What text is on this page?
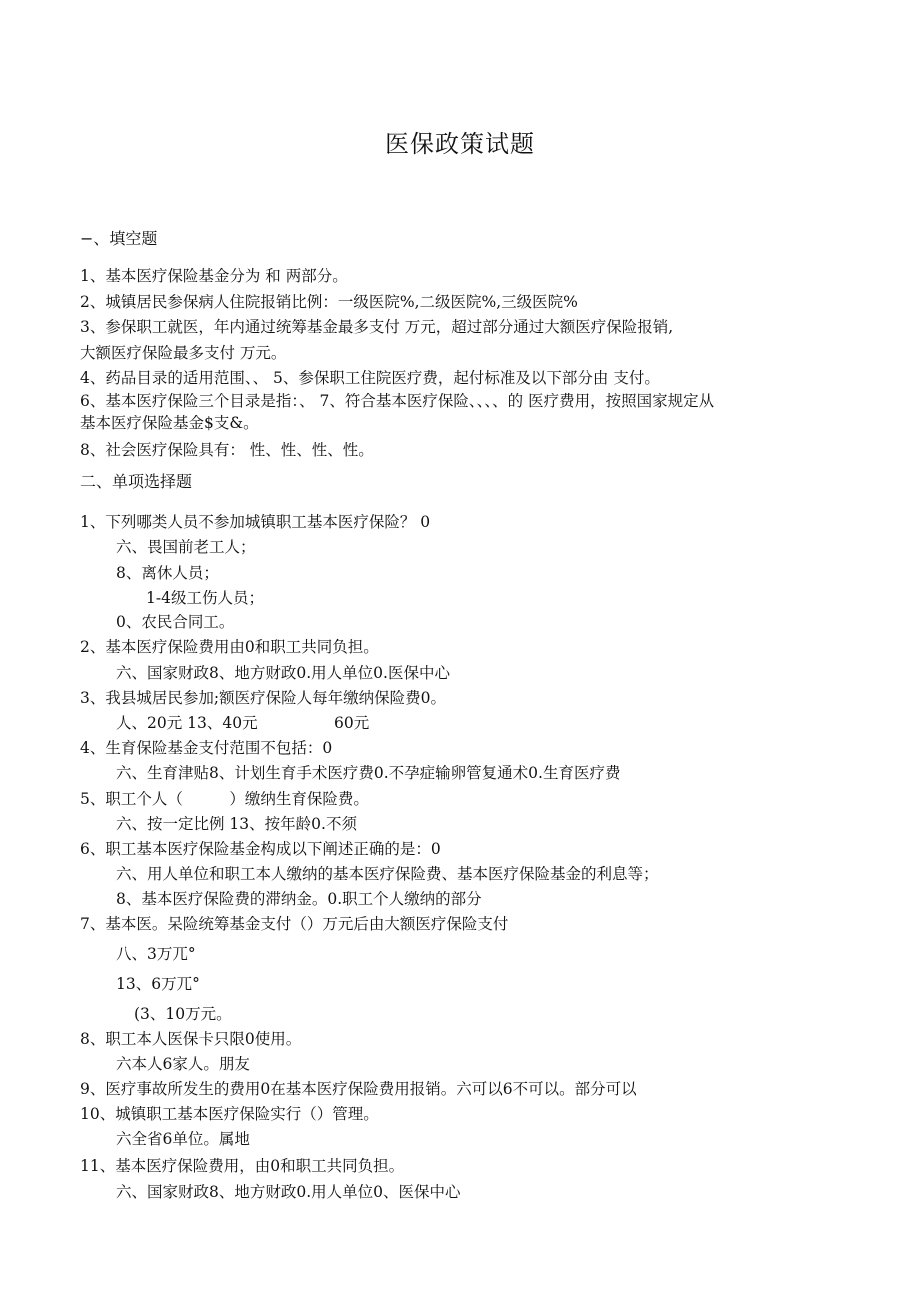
医保政策试题
−、填空题
1、基本医疗保险基金分为 和 两部分。
2、城镇居民参保病人住院报销比例：一级医院%,二级医院%,三级医院%
3、参保职工就医，年内通过统筹基金最多支付 万元，超过部分通过大额医疗保险报销,
大额医疗保险最多支付 万元。
4、药品目录的适用范围、、 5、参保职工住院医疗费，起付标准及以下部分由 支付。
6、基本医疗保险三个目录是指：、 7、符合基本医疗保险、、、、的 医疗费用，按照国家规定从
基本医疗保险基金$支&。
8、社会医疗保险具有： 性、性、性、性。
二、单项选择题
1、下列哪类人员不参加城镇职工基本医疗保险？ 0
六、畏国前老工人；
8、离休人员；
1-4级工伤人员；
0、农民合同工。
2、基本医疗保险费用由0和职工共同负担。
六、国家财政8、地方财政0.用人单位0.医保中心
3、我县城居民参加;额医疗保险人每年缴纳保险费0。
人、20元 13、40元	60元
4、生育保险基金支付范围不包括：0
六、生育津贴8、计划生育手术医疗费0.不孕症输卵管复通术0.生育医疗费
5、职工个人（　　　）缴纳生育保险费。
六、按一定比例 13、按年龄0.不须
6、职工基本医疗保险基金构成以下阐述正确的是：0
六、用人单位和职工本人缴纳的基本医疗保险费、基本医疗保险基金的利息等；
8、基本医疗保险费的滞纳金。0.职工个人缴纳的部分
7、基本医。呆险统筹基金支付（）万元后由大额医疗保险支付
八、3万兀°
13、6万兀°
(3、10万元。
8、职工本人医保卡只限0使用。
六本人6家人。朋友
9、医疗事故所发生的费用0在基本医疗保险费用报销。六可以6不可以。部分可以
10、城镇职工基本医疗保险实行（）管理。
六全省6单位。属地
11、基本医疗保险费用，由0和职工共同负担。
六、国家财政8、地方财政0.用人单位0、医保中心
